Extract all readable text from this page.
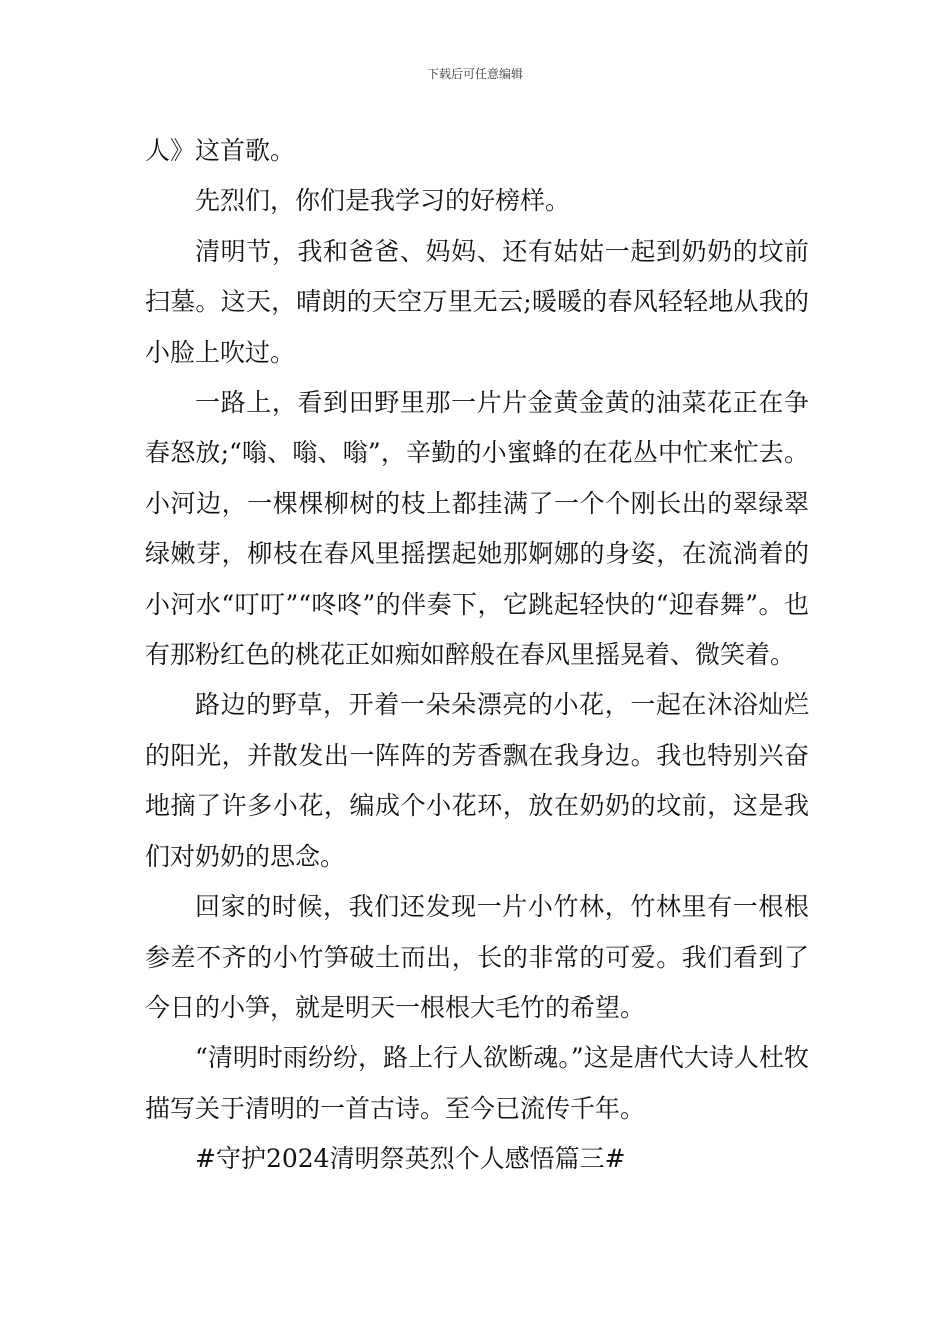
下载后可任意编辑

人》这首歌。

先烈们，你们是我学习的好榜样。

清明节，我和爸爸、妈妈、还有姑姑一起到奶奶的坟前扫墓。这天，晴朗的天空万里无云;暖暖的春风轻轻地从我的小脸上吹过。

一路上，看到田野里那一片片金黄金黄的油菜花正在争春怒放;“嗡、嗡、嗡”，辛勤的小蜜蜂的在花丛中忙来忙去。小河边，一棵棵柳树的枝上都挂满了一个个刚长出的翠绿翠绿嫩芽，柳枝在春风里摇摆起她那婀娜的身姿，在流淌着的小河水“叮叮”“咚咚”的伴奏下，它跳起轻快的“迎春舞”。也有那粉红色的桃花正如痴如醉般在春风里摇晃着、微笑着。

路边的野草，开着一朵朵漂亮的小花，一起在沐浴灿烂的阳光，并散发出一阵阵的芳香飘在我身边。我也特别兴奋地摘了许多小花，编成个小花环，放在奶奶的坟前，这是我们对奶奶的思念。

回家的时候，我们还发现一片小竹林，竹林里有一根根参差不齐的小竹笋破土而出，长的非常的可爱。我们看到了今日的小笋，就是明天一根根大毛竹的希望。

“清明时雨纷纷，路上行人欲断魂。”这是唐代大诗人杜牧描写关于清明的一首古诗。至今已流传千年。

#守护2024清明祭英烈个人感悟篇三#
